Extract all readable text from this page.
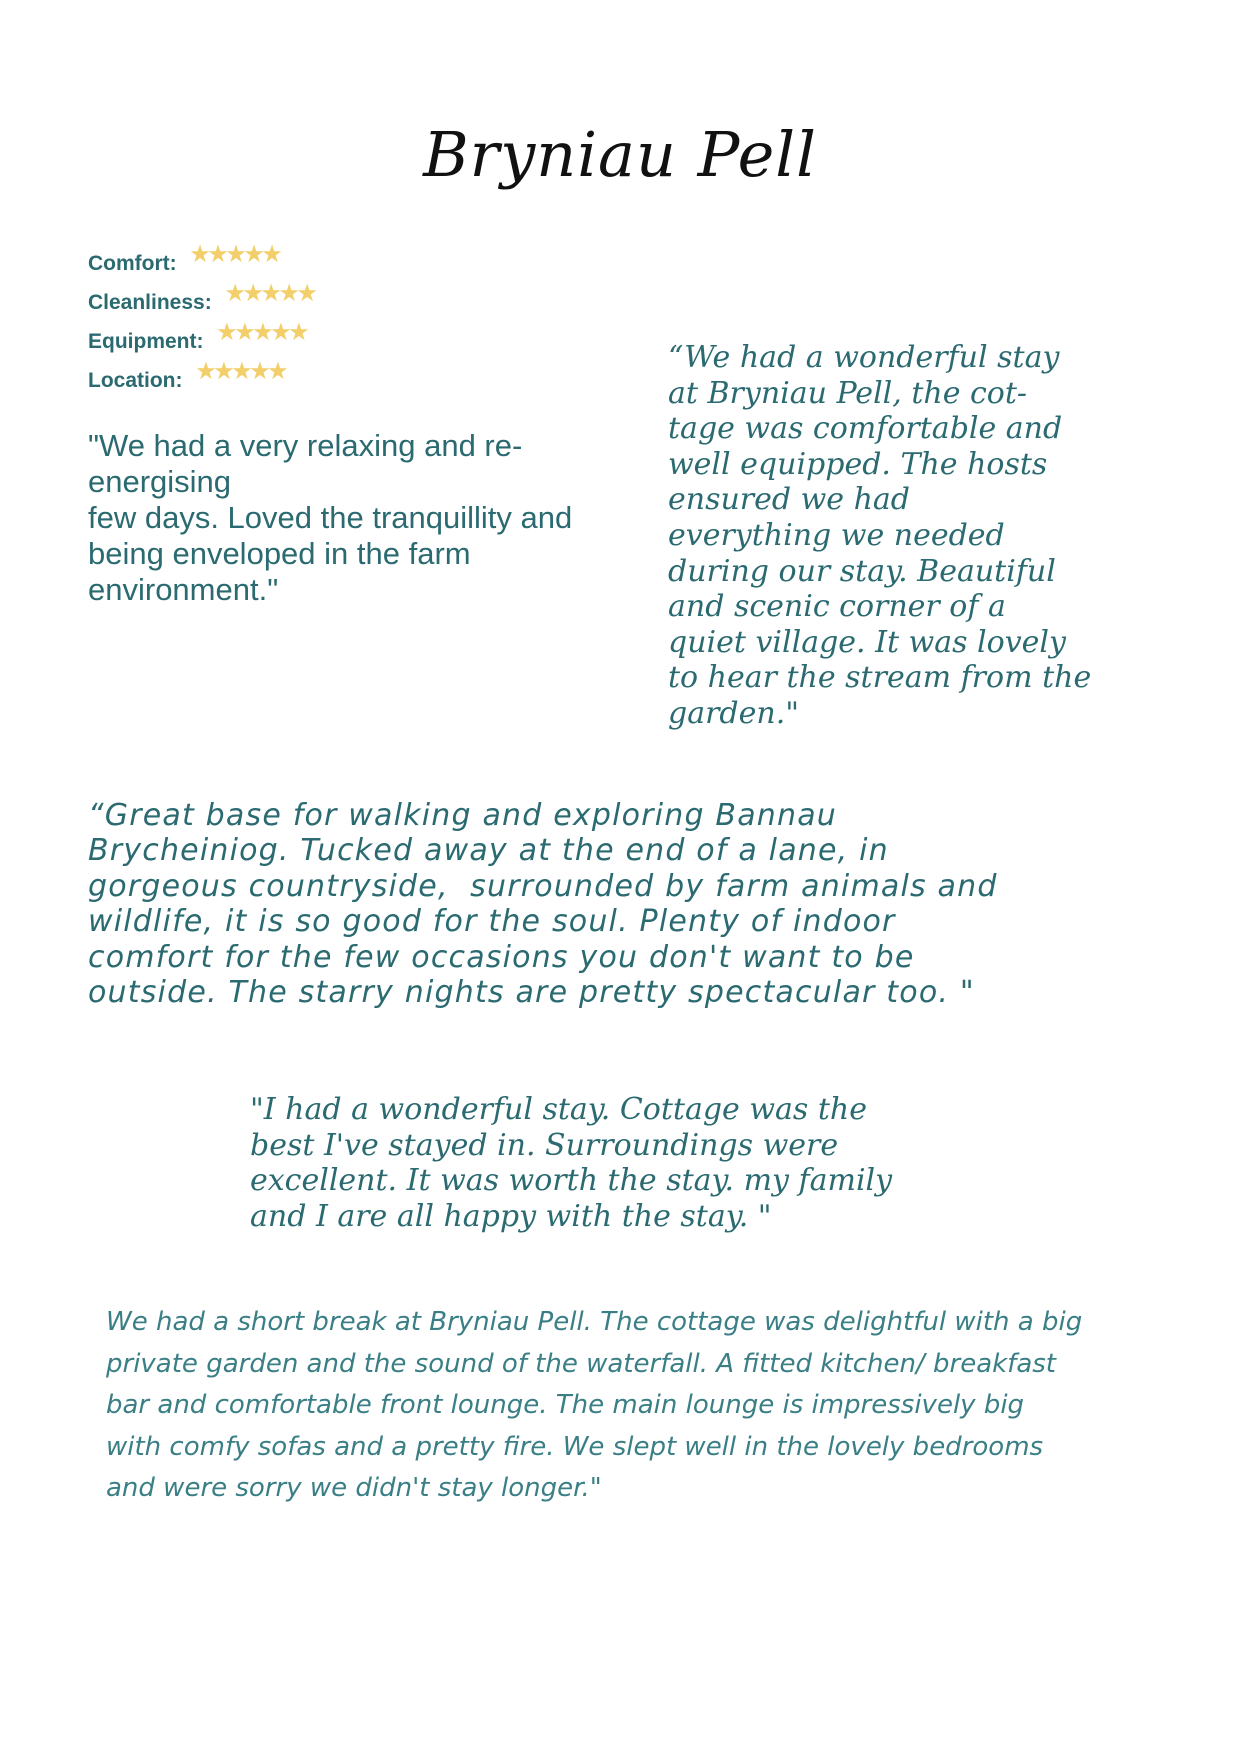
Bryniau Pell
Comfort: ★ ★ ★ ★ ★
Cleanliness: ★ ★ ★ ★ ★
Equipment: ★ ★ ★ ★ ★
Location: ★ ★ ★ ★ ★
"We had a very relaxing and re-
energising
few days. Loved the tranquillity and
being enveloped in the farm
environment."
“We had a wonderful stay
at Bryniau Pell, the cot-
tage was comfortable and
well equipped. The hosts
ensured we had
everything we needed
during our stay. Beautiful
and scenic corner of a
quiet village. It was lovely
to hear the stream from the
garden."
“Great base for walking and exploring Bannau
Brycheiniog. Tucked away at the end of a lane, in
gorgeous countryside,  surrounded by farm animals and
wildlife, it is so good for the soul. Plenty of indoor
comfort for the few occasions you don't want to be
outside. The starry nights are pretty spectacular too. "
"I had a wonderful stay. Cottage was the
best I've stayed in. Surroundings were
excellent. It was worth the stay. my family
and I are all happy with the stay. "
We had a short break at Bryniau Pell. The cottage was delightful with a big
private garden and the sound of the waterfall. A fitted kitchen/ breakfast
bar and comfortable front lounge. The main lounge is impressively big
with comfy sofas and a pretty fire. We slept well in the lovely bedrooms
and were sorry we didn't stay longer."
